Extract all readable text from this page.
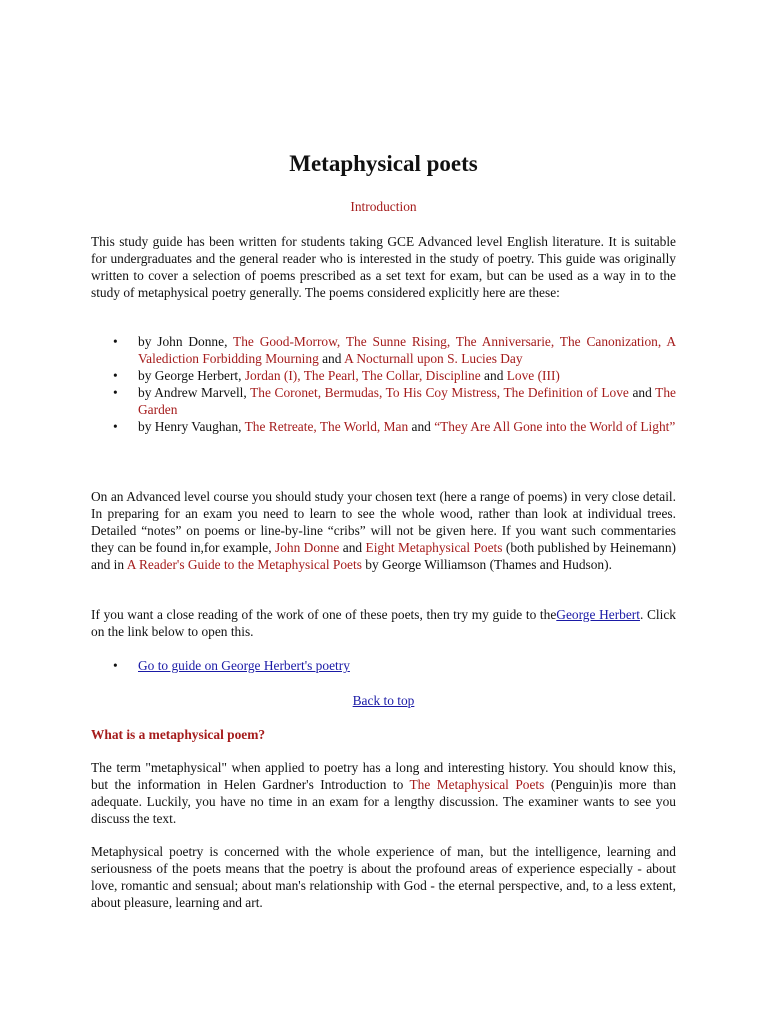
Metaphysical poets

Introduction

This study guide has been written for students taking GCE Advanced level English literature. It is suitable for undergraduates and the general reader who is interested in the study of poetry. This guide was originally written to cover a selection of poems prescribed as a set text for exam, but can be used as a way in to the study of metaphysical poetry generally. The poems considered explicitly here are these:

• by John Donne, The Good-Morrow, The Sunne Rising, The Anniversarie, The Canonization, A Valediction Forbidding Mourning and A Nocturnall upon S. Lucies Day
• by George Herbert, Jordan (I), The Pearl, The Collar, Discipline and Love (III)
• by Andrew Marvell, The Coronet, Bermudas, To His Coy Mistress, The Definition of Love and The Garden
• by Henry Vaughan, The Retreate, The World, Man and “They Are All Gone into the World of Light”

On an Advanced level course you should study your chosen text (here a range of poems) in very close detail. In preparing for an exam you need to learn to see the whole wood, rather than look at individual trees. Detailed “notes” on poems or line-by-line “cribs” will not be given here. If you want such commentaries they can be found in,for example, John Donne and Eight Metaphysical Poets (both published by Heinemann) and in A Reader's Guide to the Metaphysical Poets by George Williamson (Thames and Hudson).

If you want a close reading of the work of one of these poets, then try my guide to theGeorge Herbert. Click on the link below to open this.

• Go to guide on George Herbert's poetry
Back to top
What is a metaphysical poem?

The term "metaphysical" when applied to poetry has a long and interesting history. You should know this, but the information in Helen Gardner's Introduction to The Metaphysical Poets (Penguin)is more than adequate. Luckily, you have no time in an exam for a lengthy discussion. The examiner wants to see you discuss the text.

Metaphysical poetry is concerned with the whole experience of man, but the intelligence, learning and seriousness of the poets means that the poetry is about the profound areas of experience especially - about love, romantic and sensual; about man's relationship with God - the eternal perspective, and, to a less extent, about pleasure, learning and art.
